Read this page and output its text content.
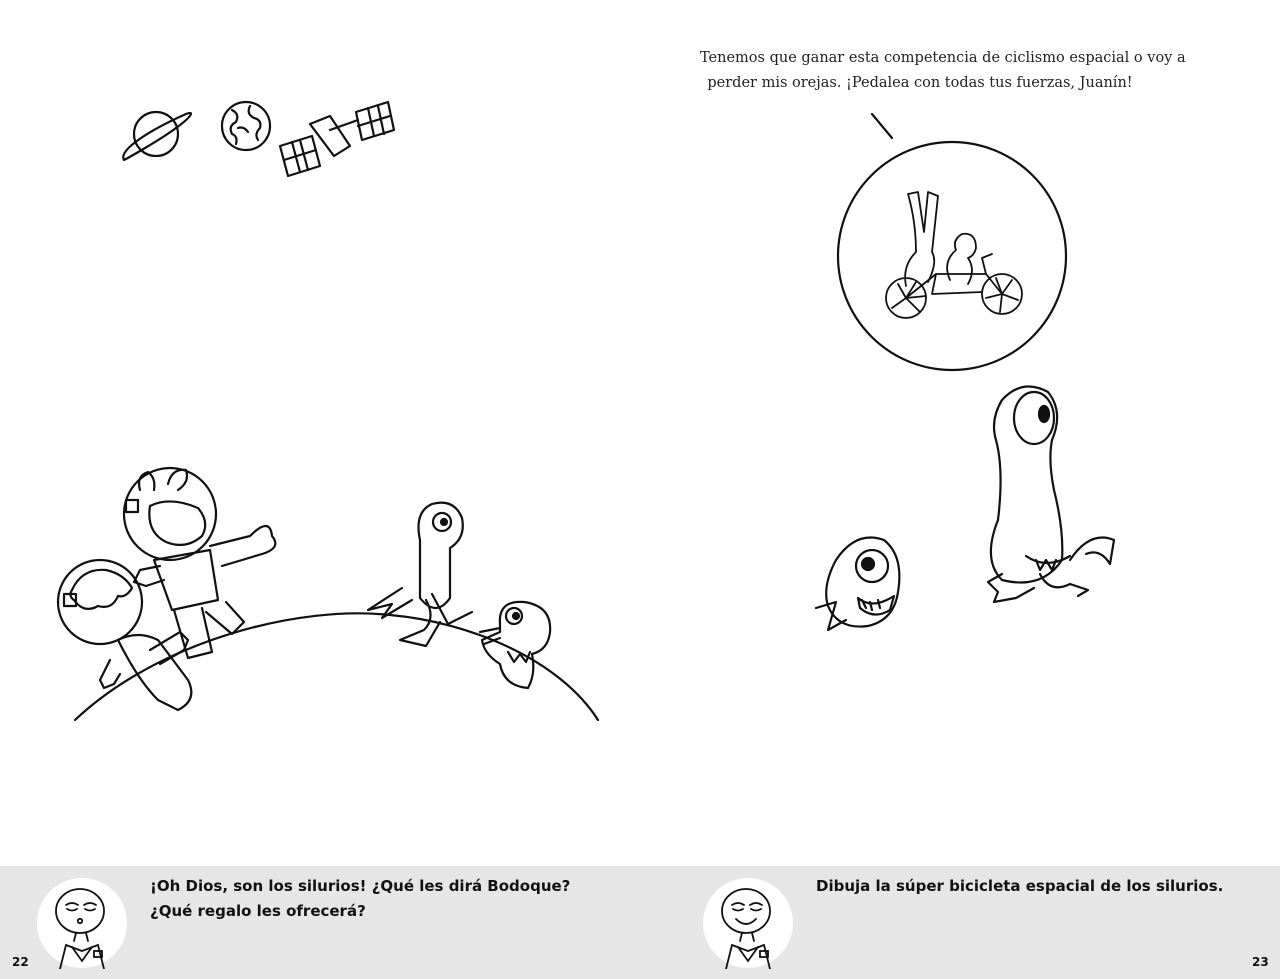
Tenemos que ganar esta competencia de ciclismo espacial o voy a
perder mis orejas. ¡Pedalea con todas tus fuerzas, Juanín!
¡Oh Dios, son los silurios! ¿Qué les dirá Bodoque?
¿Qué regalo les ofrecerá?
Dibuja la súper bicicleta espacial de los silurios.
22	23
